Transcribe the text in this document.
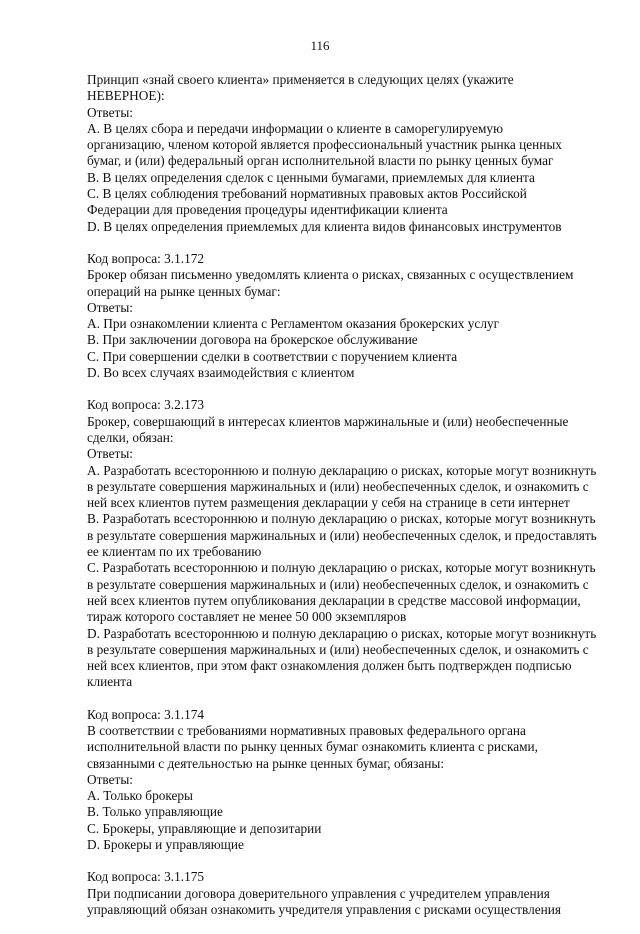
116
Принцип «знай своего клиента» применяется в следующих целях (укажите
НЕВЕРНОЕ):
Ответы:
A. В целях сбора и передачи информации о клиенте в саморегулируемую
организацию, членом которой является профессиональный участник рынка ценных
бумаг, и (или) федеральный орган исполнительной власти по рынку ценных бумаг
B. В целях определения сделок с ценными бумагами, приемлемых для клиента
C. В целях соблюдения требований нормативных правовых актов Российской
Федерации для проведения процедуры идентификации клиента
D. В целях определения приемлемых для клиента видов финансовых инструментов
Код вопроса: 3.1.172
Брокер обязан письменно уведомлять клиента о рисках, связанных с осуществлением
операций на рынке ценных бумаг:
Ответы:
A. При ознакомлении клиента с Регламентом оказания брокерских услуг
B. При заключении договора на брокерское обслуживание
C. При совершении сделки в соответствии с поручением клиента
D. Во всех случаях взаимодействия с клиентом
Код вопроса: 3.2.173
Брокер, совершающий в интересах клиентов маржинальные и (или) необеспеченные
сделки, обязан:
Ответы:
A. Разработать всестороннюю и полную декларацию о рисках, которые могут возникнуть
в результате совершения маржинальных и (или) необеспеченных сделок, и ознакомить с
ней всех клиентов путем размещения декларации у себя на странице в сети интернет
B. Разработать всестороннюю и полную декларацию о рисках, которые могут возникнуть
в результате совершения маржинальных и (или) необеспеченных сделок, и предоставлять
ее клиентам по их требованию
C. Разработать всестороннюю и полную декларацию о рисках, которые могут возникнуть
в результате совершения маржинальных и (или) необеспеченных сделок, и ознакомить с
ней всех клиентов путем опубликования декларации в средстве массовой информации,
тираж которого составляет не менее 50 000 экземпляров
D. Разработать всестороннюю и полную декларацию о рисках, которые могут возникнуть
в результате совершения маржинальных и (или) необеспеченных сделок, и ознакомить с
ней всех клиентов, при этом факт ознакомления должен быть подтвержден подписью
клиента
Код вопроса: 3.1.174
В соответствии с требованиями нормативных правовых федерального органа
исполнительной власти по рынку ценных бумаг ознакомить клиента с рисками,
связанными с деятельностью на рынке ценных бумаг, обязаны:
Ответы:
A. Только брокеры
B. Только управляющие
C. Брокеры, управляющие и депозитарии
D. Брокеры и управляющие
Код вопроса: 3.1.175
При подписании договора доверительного управления с учредителем управления
управляющий обязан ознакомить учредителя управления с рисками осуществления
